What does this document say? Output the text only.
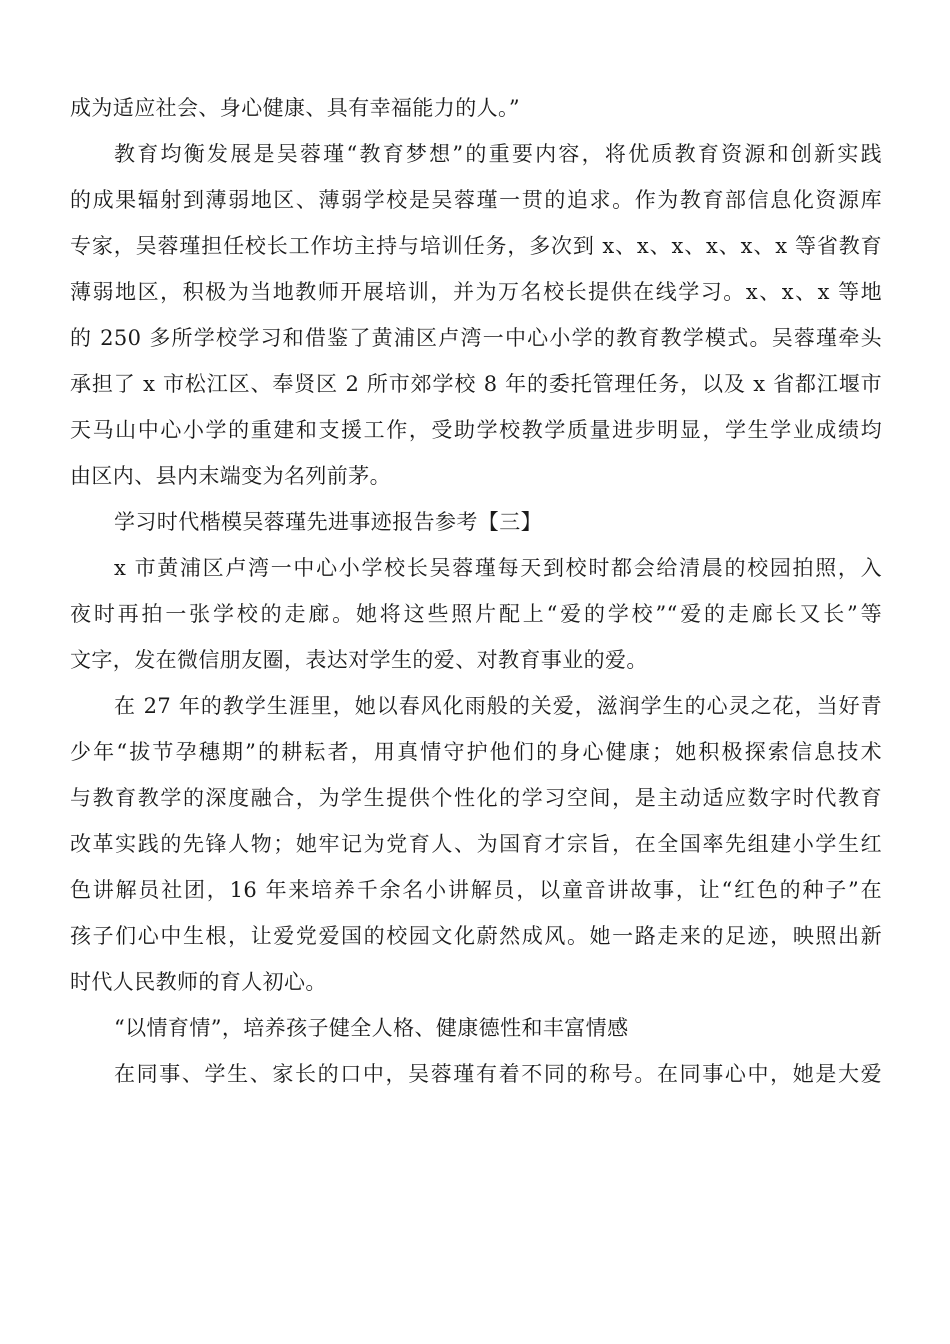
成为适应社会、身心健康、具有幸福能力的人。”
教育均衡发展是吴蓉瑾“教育梦想”的重要内容，将优质教育资源和创新实践
的成果辐射到薄弱地区、薄弱学校是吴蓉瑾一贯的追求。作为教育部信息化资源库
专家，吴蓉瑾担任校长工作坊主持与培训任务，多次到 x、x、x、x、x、x 等省教育
薄弱地区，积极为当地教师开展培训，并为万名校长提供在线学习。x、x、x 等地
的 250 多所学校学习和借鉴了黄浦区卢湾一中心小学的教育教学模式。吴蓉瑾牵头
承担了 x 市松江区、奉贤区 2 所市郊学校 8 年的委托管理任务，以及 x 省都江堰市
天马山中心小学的重建和支援工作，受助学校教学质量进步明显，学生学业成绩均
由区内、县内末端变为名列前茅。
学习时代楷模吴蓉瑾先进事迹报告参考【三】
x 市黄浦区卢湾一中心小学校长吴蓉瑾每天到校时都会给清晨的校园拍照，入
夜时再拍一张学校的走廊。她将这些照片配上“爱的学校”“爱的走廊长又长”等
文字，发在微信朋友圈，表达对学生的爱、对教育事业的爱。
在 27 年的教学生涯里，她以春风化雨般的关爱，滋润学生的心灵之花，当好青
少年“拔节孕穗期”的耕耘者，用真情守护他们的身心健康；她积极探索信息技术
与教育教学的深度融合，为学生提供个性化的学习空间，是主动适应数字时代教育
改革实践的先锋人物；她牢记为党育人、为国育才宗旨，在全国率先组建小学生红
色讲解员社团，16 年来培养千余名小讲解员，以童音讲故事，让“红色的种子”在
孩子们心中生根，让爱党爱国的校园文化蔚然成风。她一路走来的足迹，映照出新
时代人民教师的育人初心。
“以情育情”，培养孩子健全人格、健康德性和丰富情感
在同事、学生、家长的口中，吴蓉瑾有着不同的称号。在同事心中，她是大爱
